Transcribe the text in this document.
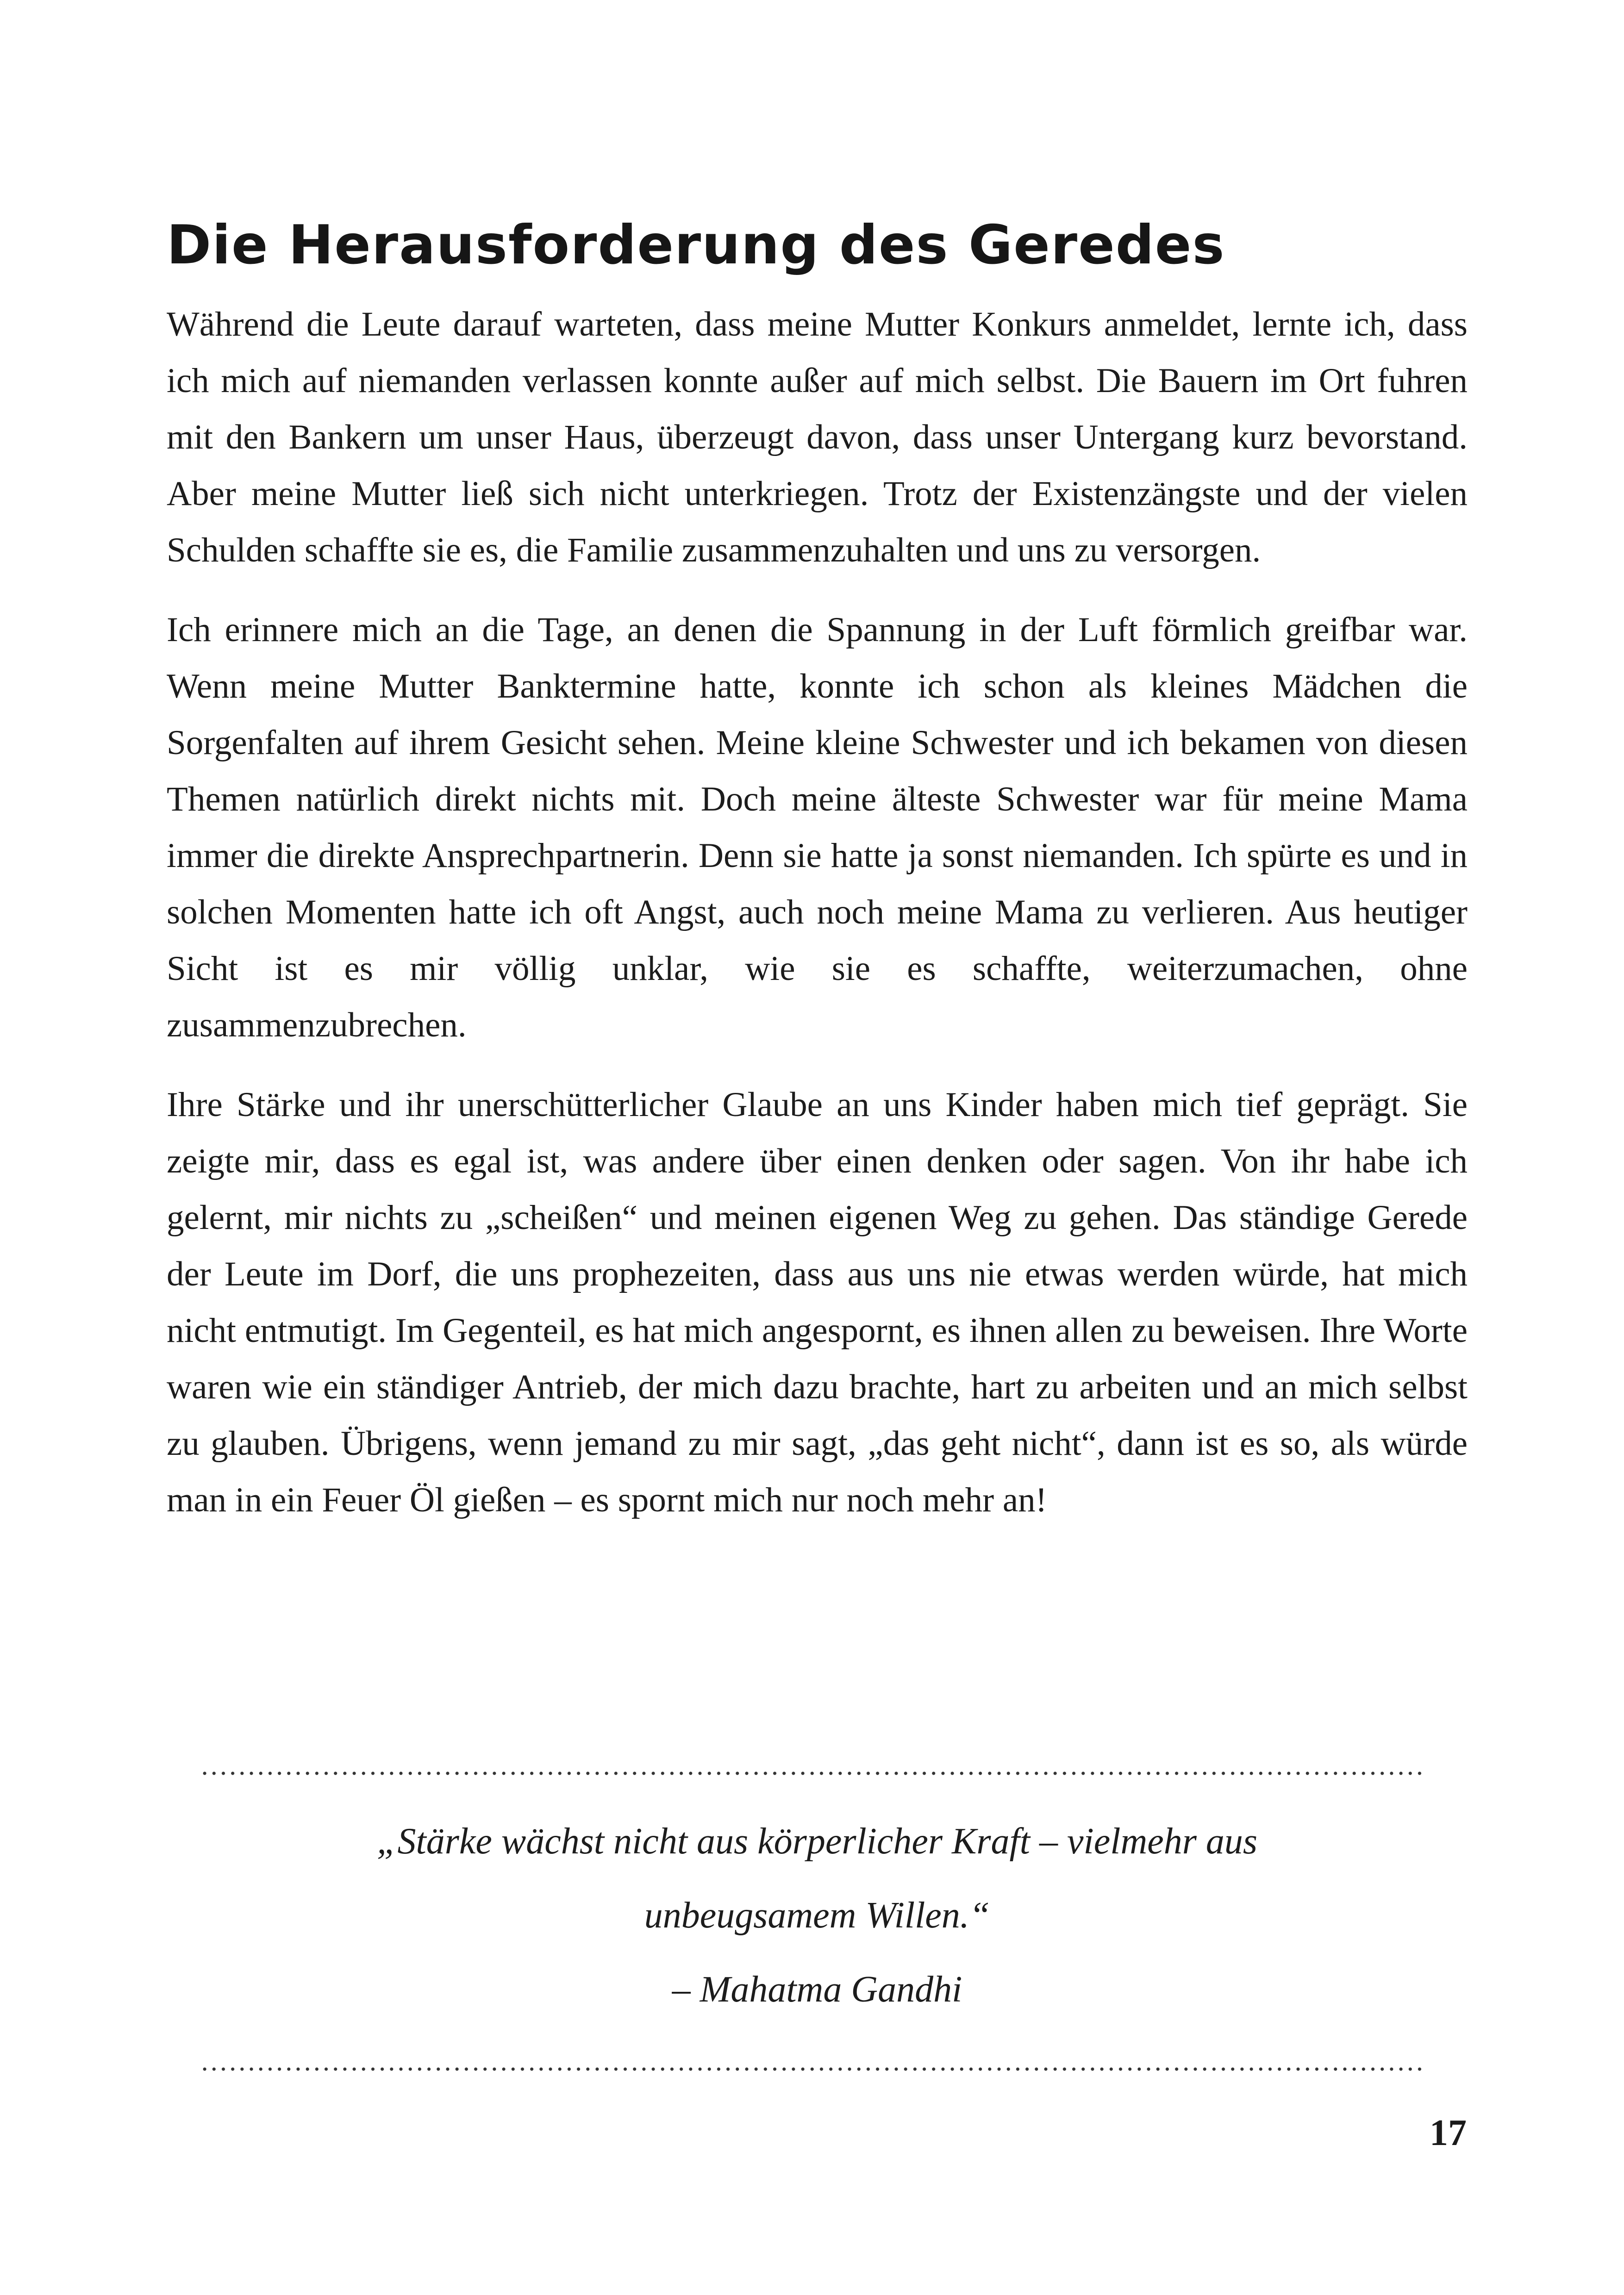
Die Herausforderung des Geredes

Während die Leute darauf warteten, dass meine Mutter Konkurs anmeldet, lernte ich, dass ich mich auf niemanden verlassen konnte außer auf mich selbst. Die Bauern im Ort fuhren mit den Bankern um unser Haus, überzeugt davon, dass unser Untergang kurz bevorstand. Aber meine Mutter ließ sich nicht unterkriegen. Trotz der Existenzängste und der vielen Schulden schaffte sie es, die Familie zusammenzuhalten und uns zu versorgen.

Ich erinnere mich an die Tage, an denen die Spannung in der Luft förmlich greifbar war. Wenn meine Mutter Banktermine hatte, konnte ich schon als kleines Mädchen die Sorgenfalten auf ihrem Gesicht sehen. Meine kleine Schwester und ich bekamen von diesen Themen natürlich direkt nichts mit. Doch meine älteste Schwester war für meine Mama immer die direkte Ansprechpartnerin. Denn sie hatte ja sonst niemanden. Ich spürte es und in solchen Momenten hatte ich oft Angst, auch noch meine Mama zu verlieren. Aus heutiger Sicht ist es mir völlig unklar, wie sie es schaffte, weiterzumachen, ohne zusammenzubrechen.

Ihre Stärke und ihr unerschütterlicher Glaube an uns Kinder haben mich tief geprägt. Sie zeigte mir, dass es egal ist, was andere über einen denken oder sagen. Von ihr habe ich gelernt, mir nichts zu „scheißen“ und meinen eigenen Weg zu gehen. Das ständige Gerede der Leute im Dorf, die uns prophezeiten, dass aus uns nie etwas werden würde, hat mich nicht entmutigt. Im Gegenteil, es hat mich angespornt, es ihnen allen zu beweisen. Ihre Worte waren wie ein ständiger Antrieb, der mich dazu brachte, hart zu arbeiten und an mich selbst zu glauben. Übrigens, wenn jemand zu mir sagt, „das geht nicht“, dann ist es so, als würde man in ein Feuer Öl gießen – es spornt mich nur noch mehr an!

„Stärke wächst nicht aus körperlicher Kraft – vielmehr aus unbeugsamem Willen.“
– Mahatma Gandhi
17
